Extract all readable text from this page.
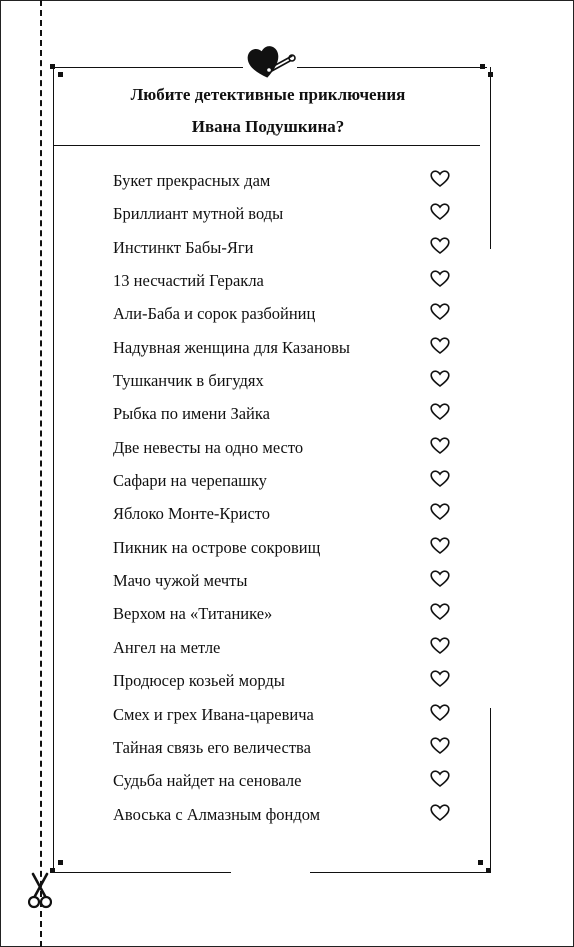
Любите детективные приключения
Ивана Подушкина?
Букет прекрасных дам
Бриллиант мутной воды
Инстинкт Бабы-Яги
13 несчастий Геракла
Али-Баба и сорок разбойниц
Надувная женщина для Казановы
Тушканчик в бигудях
Рыбка по имени Зайка
Две невесты на одно место
Сафари на черепашку
Яблоко Монте-Кристо
Пикник на острове сокровищ
Мачо чужой мечты
Верхом на «Титанике»
Ангел на метле
Продюсер козьей морды
Смех и грех Ивана-царевича
Тайная связь его величества
Судьба найдет на сеновале
Авоська с Алмазным фондом
